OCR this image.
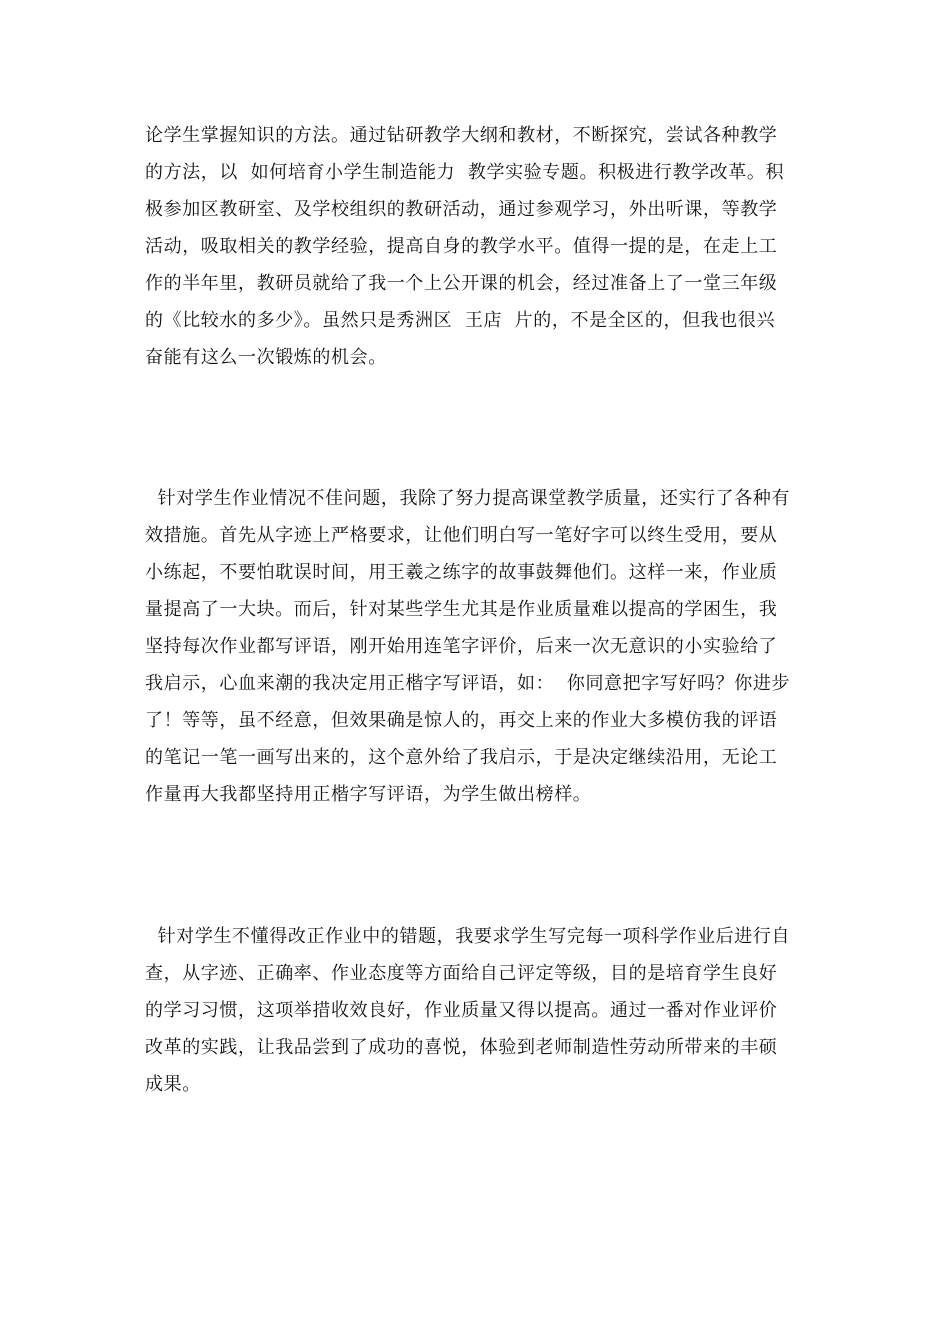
论学生掌握知识的方法。通过钻研教学大纲和教材，不断探究，尝试各种教学
的方法，以  如何培育小学生制造能力  教学实验专题。积极进行教学改革。积
极参加区教研室、及学校组织的教研活动，通过参观学习，外出听课，等教学
活动，吸取相关的教学经验，提高自身的教学水平。值得一提的是，在走上工
作的半年里，教研员就给了我一个上公开课的机会，经过准备上了一堂三年级
的《比较水的多少》。虽然只是秀洲区  王店  片的，不是全区的，但我也很兴
奋能有这么一次锻炼的机会。
针对学生作业情况不佳问题，我除了努力提高课堂教学质量，还实行了各种有
效措施。首先从字迹上严格要求，让他们明白写一笔好字可以终生受用，要从
小练起，不要怕耽误时间，用王羲之练字的故事鼓舞他们。这样一来，作业质
量提高了一大块。而后，针对某些学生尤其是作业质量难以提高的学困生，我
坚持每次作业都写评语，刚开始用连笔字评价，后来一次无意识的小实验给了
我启示，心血来潮的我决定用正楷字写评语，如：  你同意把字写好吗？你进步
了！等等，虽不经意，但效果确是惊人的，再交上来的作业大多模仿我的评语
的笔记一笔一画写出来的，这个意外给了我启示，于是决定继续沿用，无论工
作量再大我都坚持用正楷字写评语，为学生做出榜样。
针对学生不懂得改正作业中的错题，我要求学生写完每一项科学作业后进行自
查，从字迹、正确率、作业态度等方面给自己评定等级，目的是培育学生良好
的学习习惯，这项举措收效良好，作业质量又得以提高。通过一番对作业评价
改革的实践，让我品尝到了成功的喜悦，体验到老师制造性劳动所带来的丰硕
成果。
